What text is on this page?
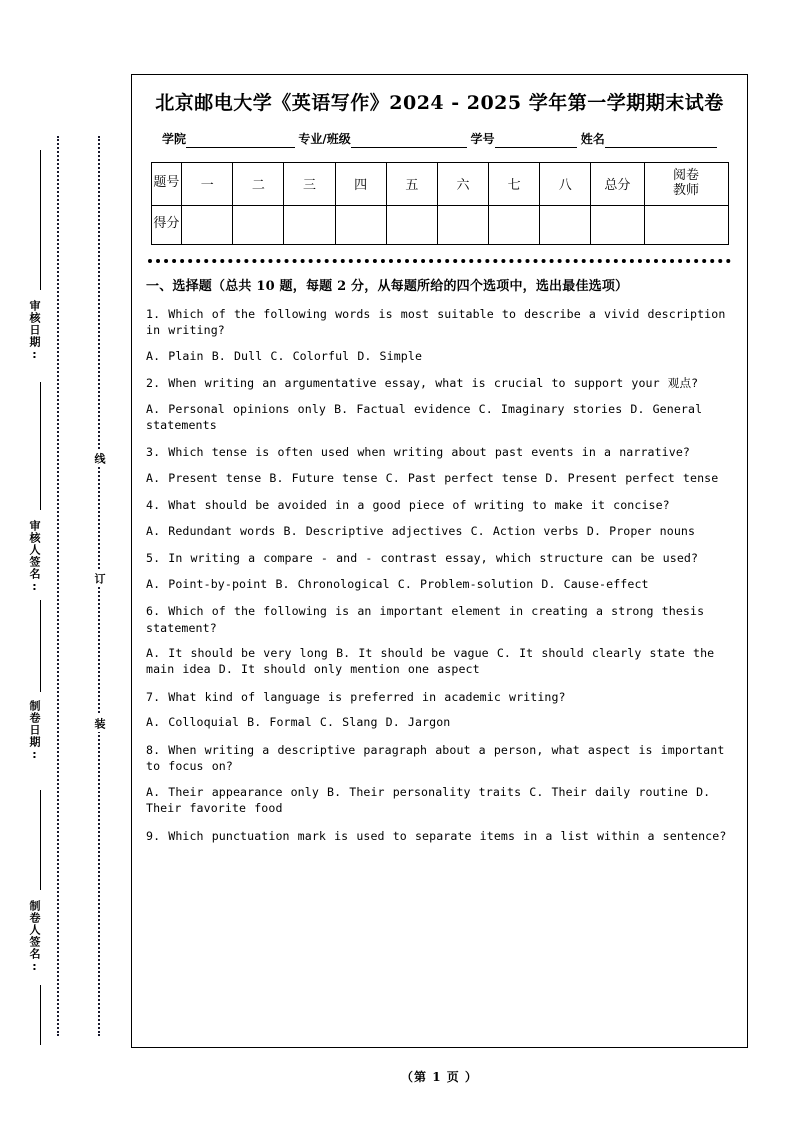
审核日期:
审核人签名:
制卷日期:
制卷人签名:
线
订
装
北京邮电大学《英语写作》2024 - 2025 学年第一学期期末试卷
学院	专业/班级	学号	姓名
题号	一	二	三	四	五	六	七	八	总分	阅卷
教师

得分										

一、选择题（总共 10 题，每题 2 分，从每题所给的四个选项中，选出最佳选项）

1. Which of the following words is most suitable to describe a vivid description in writing?

A. Plain B. Dull C. Colorful D. Simple

2. When writing an argumentative essay, what is crucial to support your 观点?

A. Personal opinions only B. Factual evidence C. Imaginary stories D. General statements

3. Which tense is often used when writing about past events in a narrative?

A. Present tense B. Future tense C. Past perfect tense D. Present perfect tense

4. What should be avoided in a good piece of writing to make it concise?

A. Redundant words B. Descriptive adjectives C. Action verbs D. Proper nouns

5. In writing a compare - and - contrast essay, which structure can be used?

A. Point-by-point B. Chronological C. Problem-solution D. Cause-effect

6. Which of the following is an important element in creating a strong thesis statement?

A. It should be very long B. It should be vague C. It should clearly state the main idea D. It should only mention one aspect

7. What kind of language is preferred in academic writing?

A. Colloquial B. Formal C. Slang D. Jargon

8. When writing a descriptive paragraph about a person, what aspect is important to focus on?

A. Their appearance only B. Their personality traits C. Their daily routine D. Their favorite food

9. Which punctuation mark is used to separate items in a list within a sentence?

（第 1 页 ）
